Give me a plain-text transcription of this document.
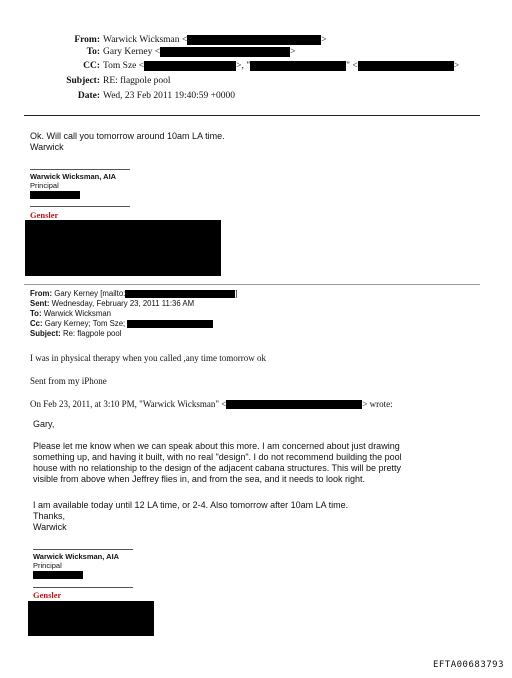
From: Warwick Wicksman <	>
To: Gary Kerney <	>
CC: Tom Sze <	>, "	" <	>
Subject: RE: flagpole pool
Date: Wed, 23 Feb 2011 19:40:59 +0000
Ok. Will call you tomorrow around 10am LA time.
Warwick
Warwick Wicksman, AIA
Principal
Gensler
From: Gary Kerney [mailto:	]
Sent: Wednesday, February 23, 2011 11:36 AM
To: Warwick Wicksman
Cc: Gary Kerney; Tom Sze;
Subject: Re: flagpole pool
I was in physical therapy when you called ,any time tomorrow ok
Sent from my iPhone
On Feb 23, 2011, at 3:10 PM, "Warwick Wicksman" <	> wrote:
Gary,
Please let me know when we can speak about this more. I am concerned about just drawing
something up, and having it built, with no real "design". I do not recommend building the pool
house with no relationship to the design of the adjacent cabana structures. This will be pretty
visible from above when Jeffrey flies in, and from the sea, and it needs to look right.
I am available today until 12 LA time, or 2-4. Also tomorrow after 10am LA time.
Thanks,
Warwick
Warwick Wicksman, AIA
Principal
Gensler
EFTA00683793
